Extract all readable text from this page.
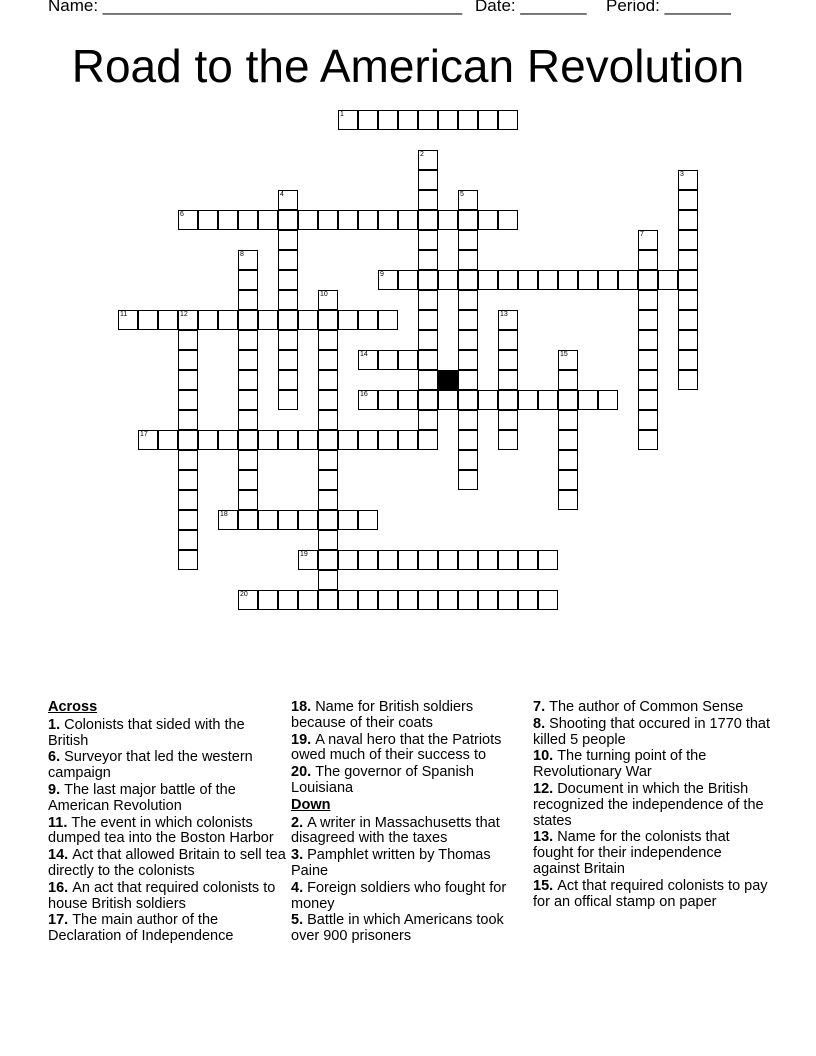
Name: ______________________________________ Date: _______ Period: _______
Road to the American Revolution
1
2
3
4	5
6
7
8
9
10
11	12	13
14	15
16
17
18
19
20
Across
1. Colonists that sided with the British
6. Surveyor that led the western campaign
9. The last major battle of the American Revolution
11. The event in which colonists dumped tea into the Boston Harbor
14. Act that allowed Britain to sell tea directly to the colonists
16. An act that required colonists to house British soldiers
17. The main author of the Declaration of Independence
18. Name for British soldiers because of their coats
19. A naval hero that the Patriots owed much of their success to
20. The governor of Spanish Louisiana
Down
2. A writer in Massachusetts that disagreed with the taxes
3. Pamphlet written by Thomas Paine
4. Foreign soldiers who fought for money
5. Battle in which Americans took over 900 prisoners
7. The author of Common Sense
8. Shooting that occured in 1770 that killed 5 people
10. The turning point of the Revolutionary War
12. Document in which the British recognized the independence of the states
13. Name for the colonists that fought for their independence against Britain
15. Act that required colonists to pay for an offical stamp on paper
